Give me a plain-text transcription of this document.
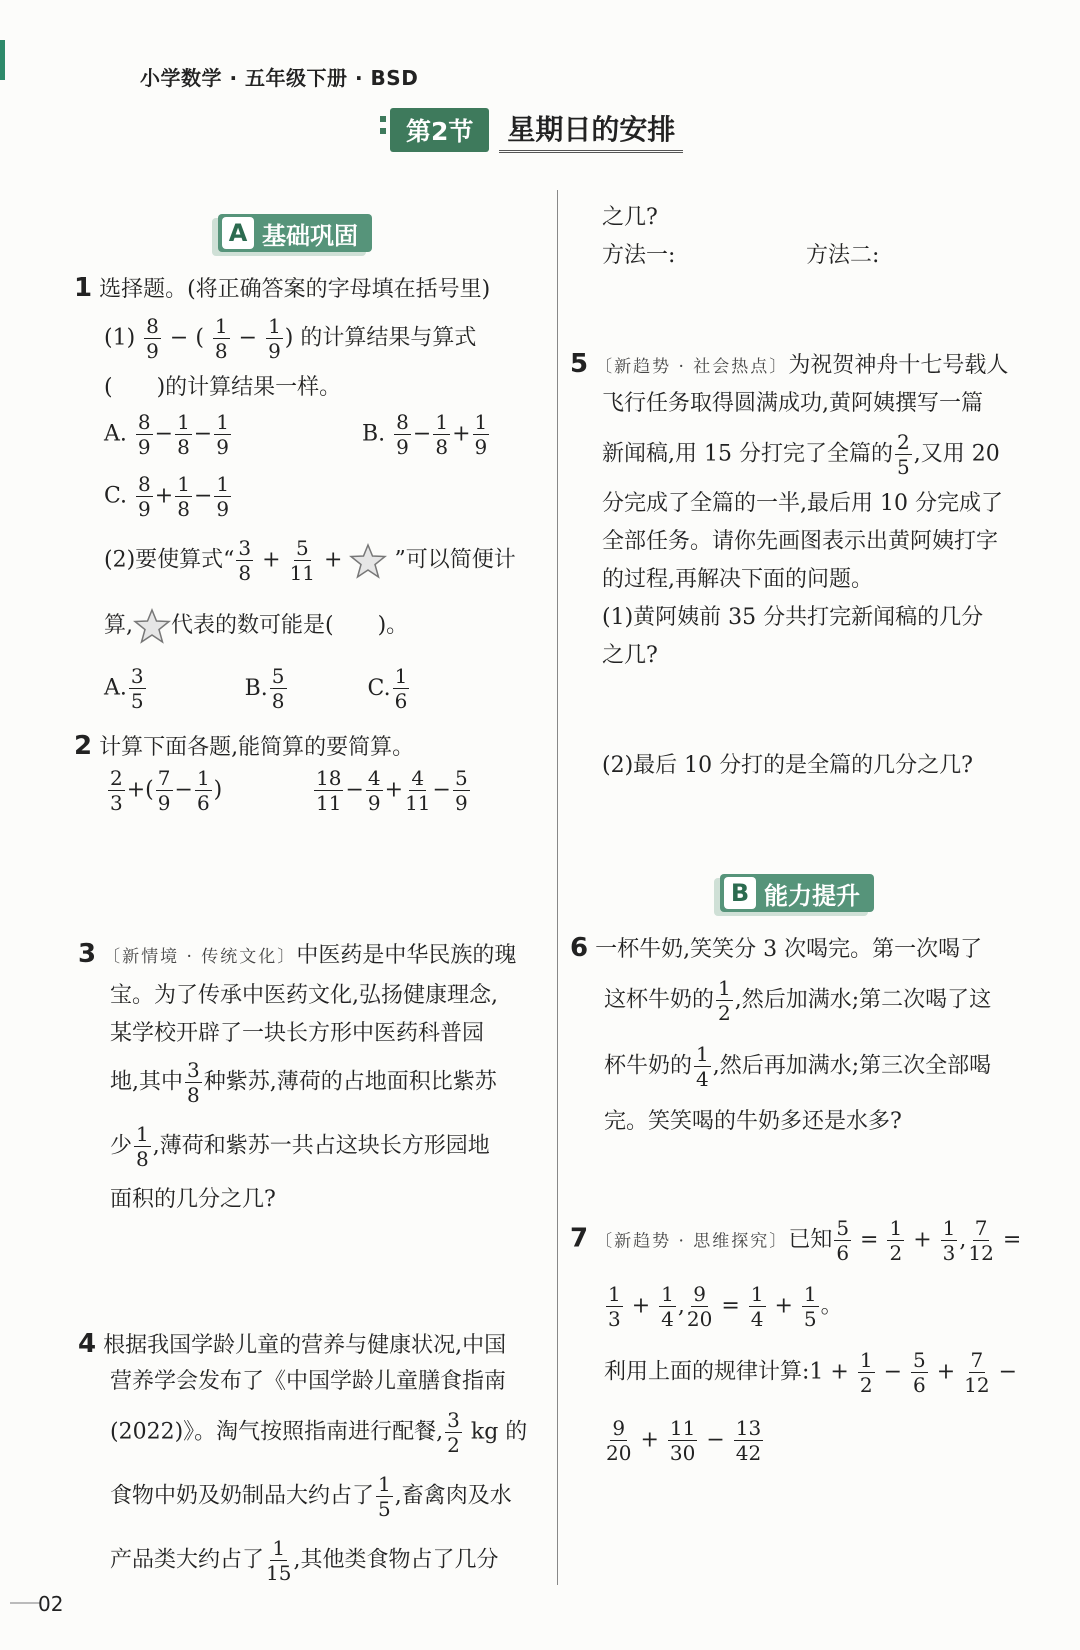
小学数学 · 五年级下册 · BSD
第2节	星期日的安排
A 基础巩固
1 选择题。(将正确答案的字母填在括号里)
$(1) \frac{8}{9}$ − ( $\frac{1}{8} - \frac{1}{9}$ ) 的计算结果与算式
(　　)的计算结果一样。
A. $\frac{8}{9} - \frac{1}{8} - \frac{1}{9}$	B. $\frac{8}{9} - \frac{1}{8} + \frac{1}{9}$
C. $\frac{8}{9} + \frac{1}{8} - \frac{1}{9}$
(2)要使算式“ $\frac{3}{8} + \frac{5}{11}$ +  ”可以简便计
算, 代表的数可能是(　　)。
A. $\frac{3}{5}$	B. $\frac{5}{8}$	C. $\frac{1}{6}$
2 计算下面各题,能简算的要简算。
$\frac{2}{3}$ +( $\frac{7}{9} - \frac{1}{6}$ )	$\frac{18}{11} - \frac{4}{9} + \frac{4}{11} - \frac{5}{9}$
3 〔新情境 · 传统文化〕中医药是中华民族的瑰
宝。为了传承中医药文化,弘扬健康理念,
某学校开辟了一块长方形中医药科普园
地,其中 $\frac{3}{8}$ 种紫苏,薄荷的占地面积比紫苏
少 $\frac{1}{8}$ ,薄荷和紫苏一共占这块长方形园地
面积的几分之几?
4 根据我国学龄儿童的营养与健康状况,中国
营养学会发布了《中国学龄儿童膳食指南
(2022)》。淘气按照指南进行配餐, $\frac{3}{2}$ kg 的
食物中奶及奶制品大约占了 $\frac{1}{5}$ ,畜禽肉及水
产品类大约占了 $\frac{1}{15}$ ,其他类食物占了几分
之几?
方法一:	方法二:
5 〔新趋势 · 社会热点〕为祝贺神舟十七号载人
飞行任务取得圆满成功,黄阿姨撰写一篇
新闻稿,用 15 分打完了全篇的 $\frac{2}{5}$ ,又用 20
分完成了全篇的一半,最后用 10 分完成了
全部任务。请你先画图表示出黄阿姨打字
的过程,再解决下面的问题。
(1)黄阿姨前 35 分共打完新闻稿的几分
之几?
(2)最后 10 分打的是全篇的几分之几?
B 能力提升
6 一杯牛奶,笑笑分 3 次喝完。第一次喝了
这杯牛奶的 $\frac{1}{2}$ ,然后加满水;第二次喝了这
杯牛奶的 $\frac{1}{4}$ ,然后再加满水;第三次全部喝
完。笑笑喝的牛奶多还是水多?
7 〔新趋势 · 思维探究〕已知 $\frac{5}{6} = \frac{1}{2} + \frac{1}{3}$ , $\frac{7}{12}$ =
$\frac{1}{3} + \frac{1}{4}$ , $\frac{9}{20} = \frac{1}{4} + \frac{1}{5}$ 。
利用上面的规律计算:1 + $\frac{1}{2} - \frac{5}{6} + \frac{7}{12}$ −
$\frac{9}{20} + \frac{11}{30} - \frac{13}{42}$
02
